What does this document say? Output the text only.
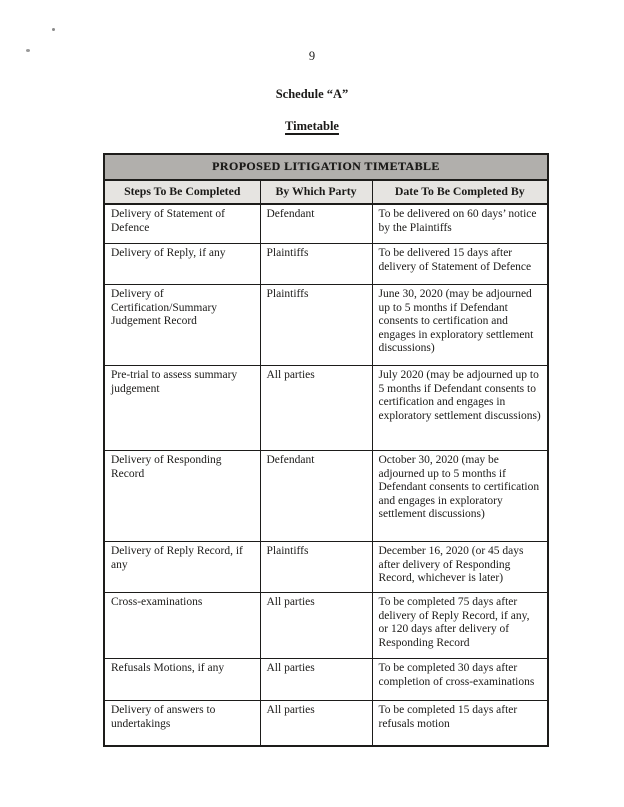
9
Schedule “A”
Timetable
PROPOSED LITIGATION TIMETABLE		
Steps To Be Completed	By Which Party	Date To Be Completed By
Delivery of Statement of Defence	Defendant	To be delivered on 60 days’ notice by the Plaintiffs
Delivery of Reply, if any	Plaintiffs	To be delivered 15 days after delivery of Statement of Defence
Delivery of Certification/Summary Judgement Record	Plaintiffs	June 30, 2020 (may be adjourned up to 5 months if Defendant consents to certification and engages in exploratory settlement discussions)
Pre-trial to assess summary judgement	All parties	July 2020 (may be adjourned up to 5 months if Defendant consents to certification and engages in exploratory settlement discussions)
Delivery of Responding Record	Defendant	October 30, 2020 (may be adjourned up to 5 months if Defendant consents to certification and engages in exploratory settlement discussions)
Delivery of Reply Record, if any	Plaintiffs	December 16, 2020 (or 45 days after delivery of Responding Record, whichever is later)
Cross-examinations	All parties	To be completed 75 days after delivery of Reply Record, if any, or 120 days after delivery of Responding Record
Refusals Motions, if any	All parties	To be completed 30 days after completion of cross-examinations
Delivery of answers to undertakings	All parties	To be completed 15 days after refusals motion
